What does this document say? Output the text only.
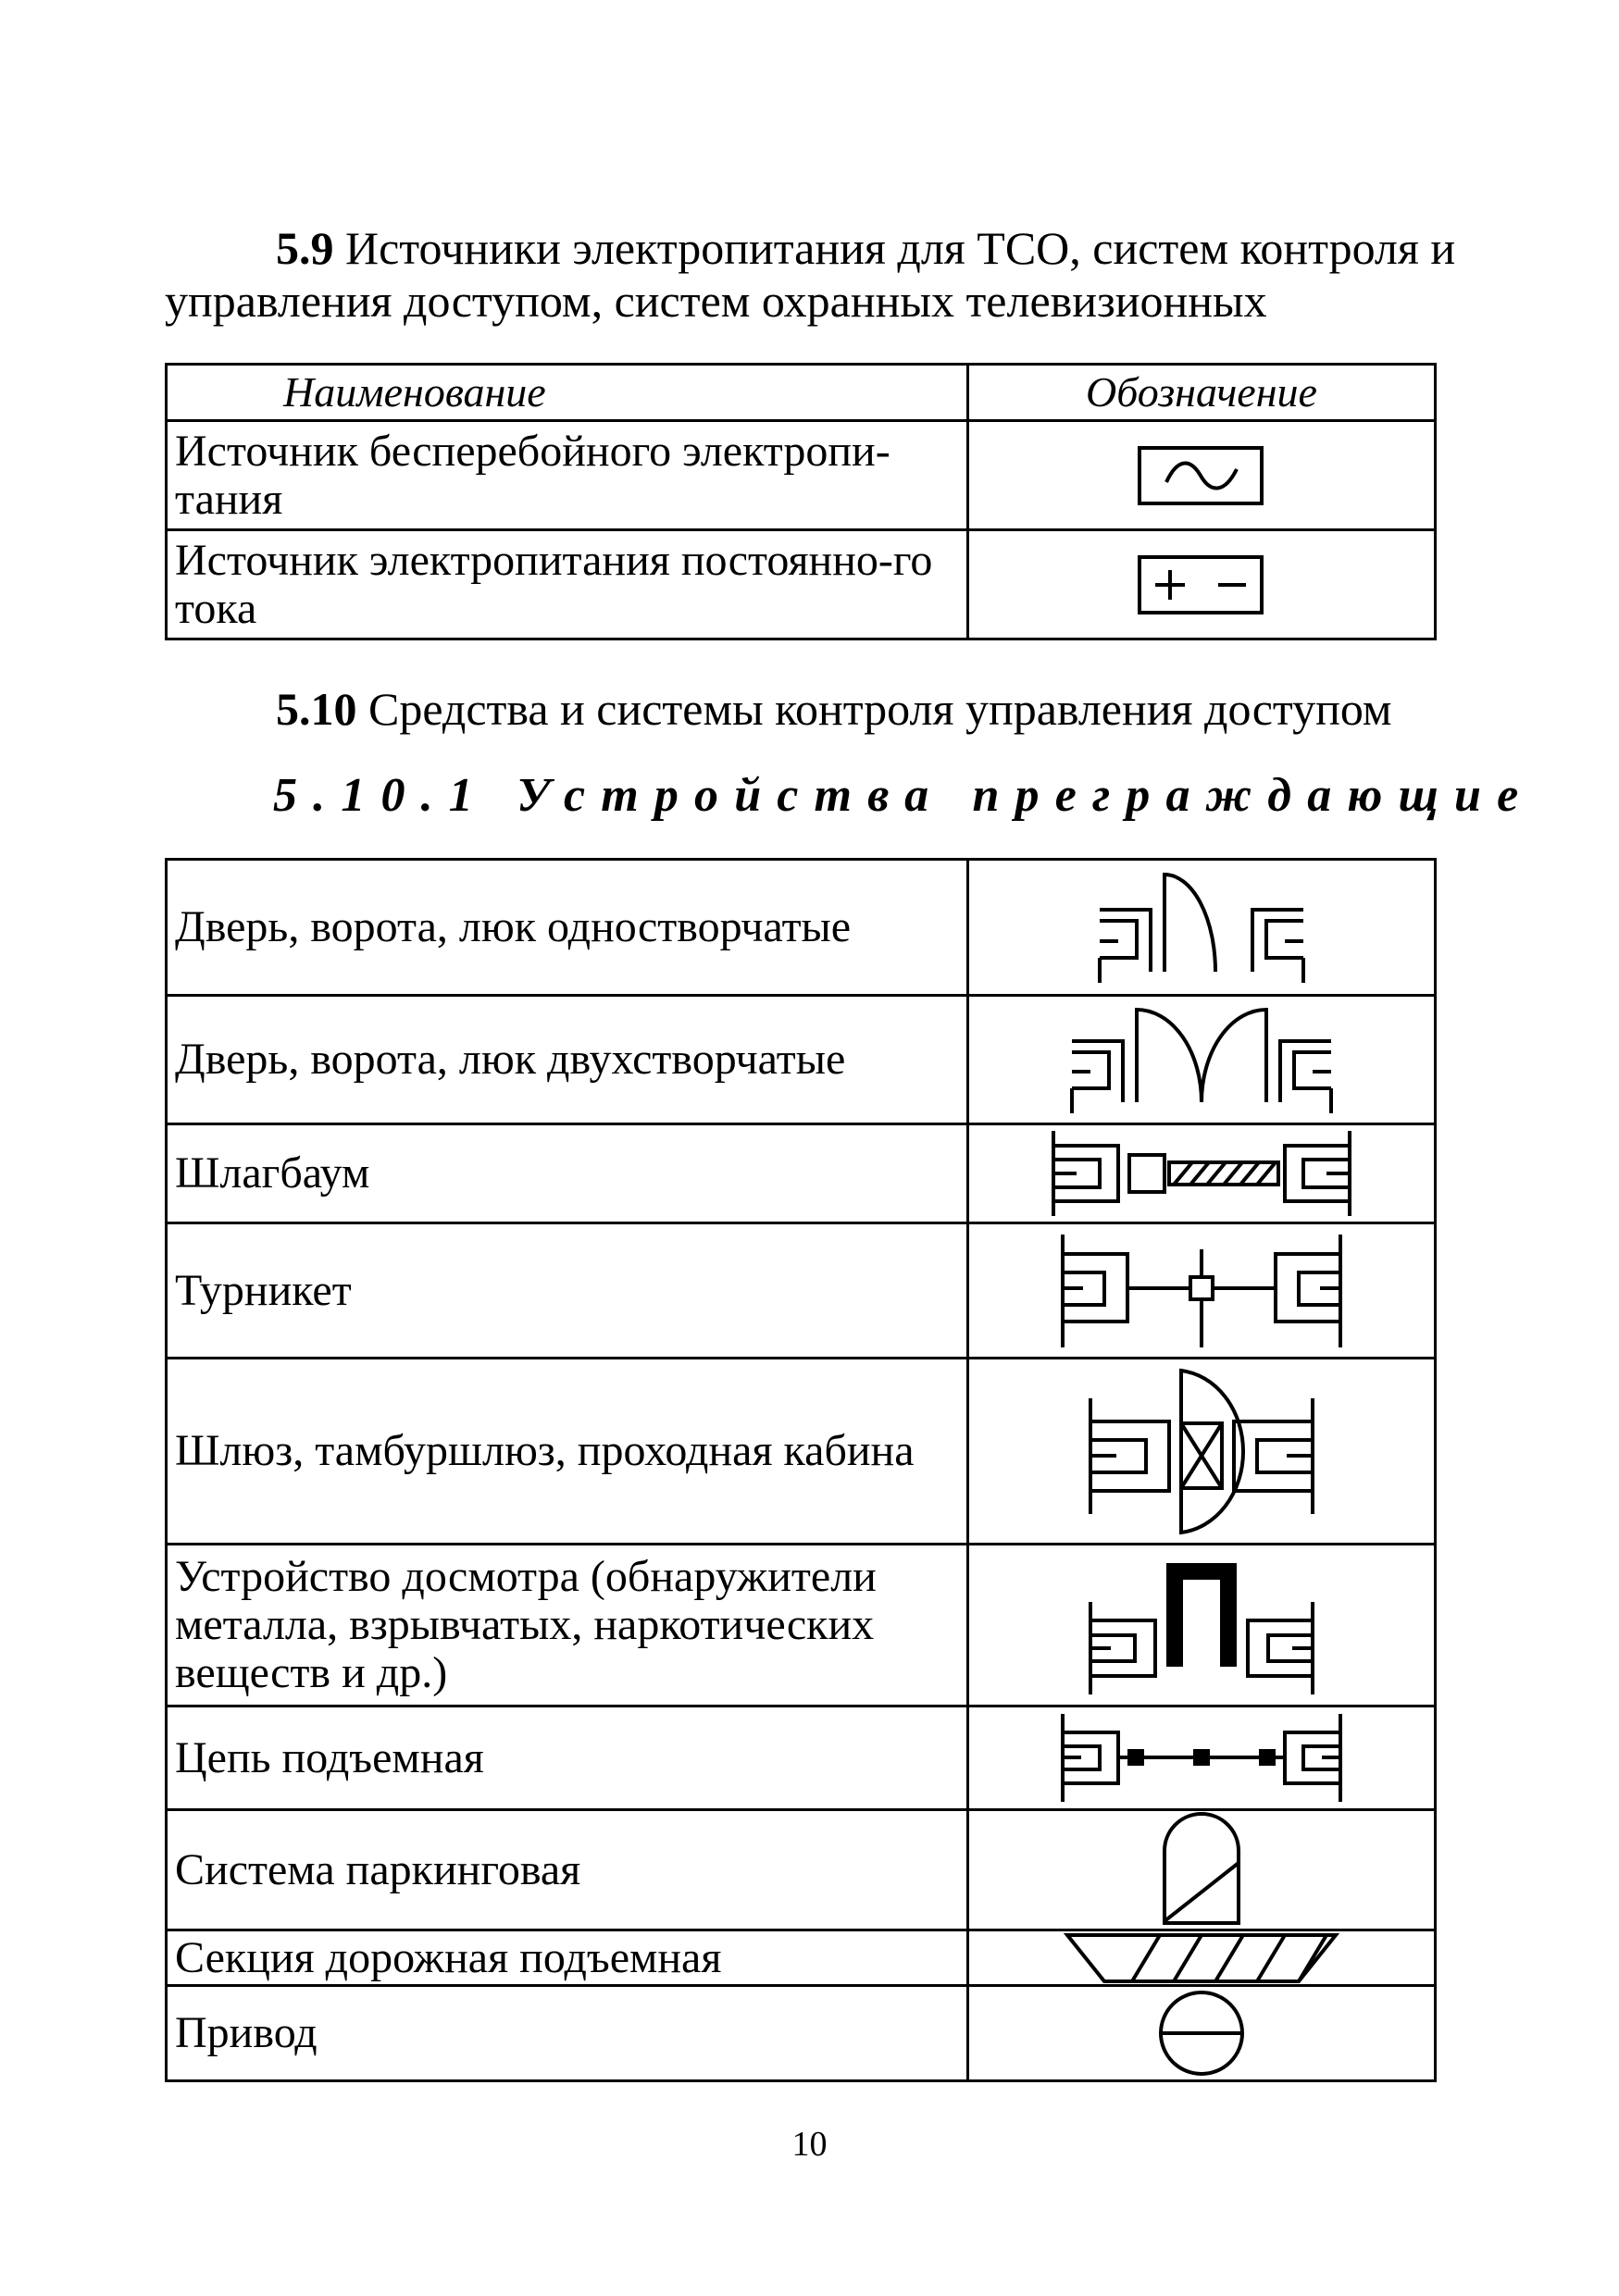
5.9 Источники электропитания для ТСО, систем контроля и управления доступом, систем охранных телевизионных

Наименование	Обозначение
Источник бесперебойного электропи-тания	

Источник электропитания постоянно-го тока	

5.10 Средства и системы контроля управления доступом

5.10.1 Устройства преграждающие

Дверь, ворота, люк одностворчатые	

Дверь, ворота, люк двухстворчатые	

Шлагбаум	

Турникет	

Шлюз, тамбуршлюз, проходная кабина	

Устройство досмотра (обнаружители металла, взрывчатых, наркотических веществ и др.)	

Цепь подъемная	

Система паркинговая	

Секция дорожная подъемная	

Привод	

10
